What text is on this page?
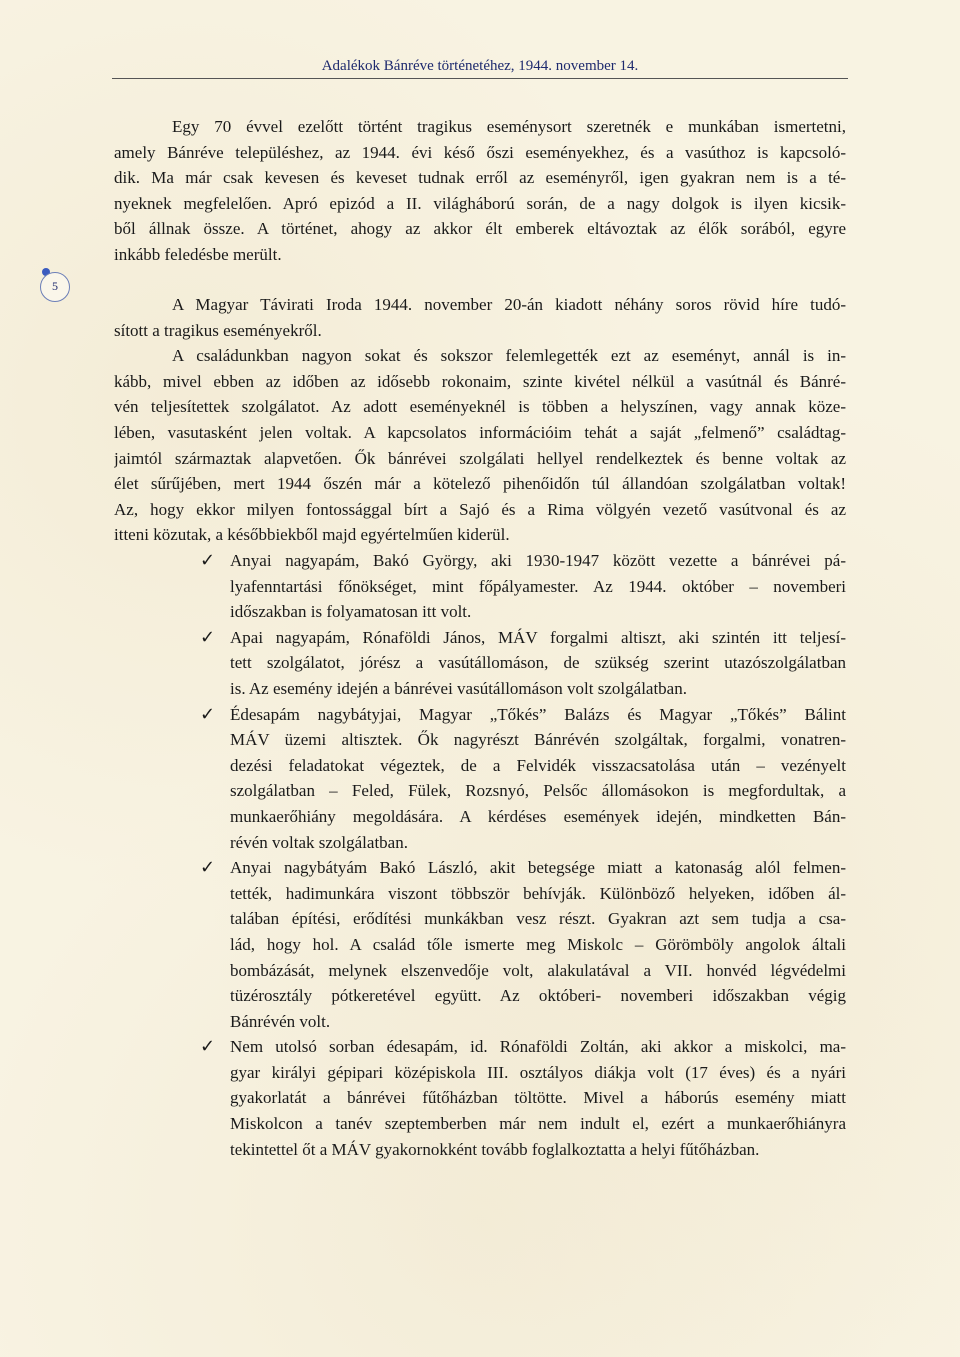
Adalékok Bánréve történetéhez, 1944. november 14.
5
Egy 70 évvel ezelőtt történt tragikus eseménysort szeretnék e munkában ismertetni,
amely Bánréve településhez, az 1944. évi késő őszi eseményekhez, és a vasúthoz is kapcsoló-
dik. Ma már csak kevesen és keveset tudnak erről az eseményről, igen gyakran nem is a té-
nyeknek megfelelően. Apró epizód a II. világháború során, de a nagy dolgok is ilyen kicsik-
ből állnak össze. A történet, ahogy az akkor élt emberek eltávoztak az élők sorából, egyre
inkább feledésbe merült.
A Magyar Távirati Iroda 1944. november 20-án kiadott néhány soros rövid híre tudó-
sított a tragikus eseményekről.
A családunkban nagyon sokat és sokszor felemlegették ezt az eseményt, annál is in-
kább, mivel ebben az időben az idősebb rokonaim, szinte kivétel nélkül a vasútnál és Bánré-
vén teljesítettek szolgálatot. Az adott eseményeknél is többen a helyszínen, vagy annak köze-
lében, vasutasként jelen voltak. A kapcsolatos információim tehát a saját „felmenő” családtag-
jaimtól származtak alapvetően. Ők bánrévei szolgálati hellyel rendelkeztek és benne voltak az
élet sűrűjében, mert 1944 őszén már a kötelező pihenőidőn túl állandóan szolgálatban voltak!
Az, hogy ekkor milyen fontossággal bírt a Sajó és a Rima völgyén vezető vasútvonal és az
itteni közutak, a későbbiekből majd egyértelműen kiderül.
✓ Anyai nagyapám, Bakó György, aki 1930-1947 között vezette a bánrévei pá-
lyafenntartási főnökséget, mint főpályamester. Az 1944. október – novemberi
időszakban is folyamatosan itt volt.
✓ Apai nagyapám, Rónaföldi János, MÁV forgalmi altiszt, aki szintén itt teljesí-
tett szolgálatot, jórész a vasútállomáson, de szükség szerint utazószolgálatban
is. Az esemény idején a bánrévei vasútállomáson volt szolgálatban.
✓ Édesapám nagybátyjai, Magyar „Tőkés” Balázs és Magyar „Tőkés” Bálint
MÁV üzemi altisztek. Ők nagyrészt Bánrévén szolgáltak, forgalmi, vonatren-
dezési feladatokat végeztek, de a Felvidék visszacsatolása után – vezényelt
szolgálatban – Feled, Fülek, Rozsnyó, Pelsőc állomásokon is megfordultak, a
munkaerőhiány megoldására. A kérdéses események idején, mindketten Bán-
révén voltak szolgálatban.
✓ Anyai nagybátyám Bakó László, akit betegsége miatt a katonaság alól felmen-
tették, hadimunkára viszont többször behívják. Különböző helyeken, időben ál-
talában építési, erődítési munkákban vesz részt. Gyakran azt sem tudja a csa-
lád, hogy hol. A család tőle ismerte meg Miskolc – Görömböly angolok általi
bombázását, melynek elszenvedője volt, alakulatával a VII. honvéd légvédelmi
tüzérosztály pótkeretével együtt. Az októberi- novemberi időszakban végig
Bánrévén volt.
✓ Nem utolsó sorban édesapám, id. Rónaföldi Zoltán, aki akkor a miskolci, ma-
gyar királyi gépipari középiskola III. osztályos diákja volt (17 éves) és a nyári
gyakorlatát a bánrévei fűtőházban töltötte. Mivel a háborús esemény miatt
Miskolcon a tanév szeptemberben már nem indult el, ezért a munkaerőhiányra
tekintettel őt a MÁV gyakornokként tovább foglalkoztatta a helyi fűtőházban.
